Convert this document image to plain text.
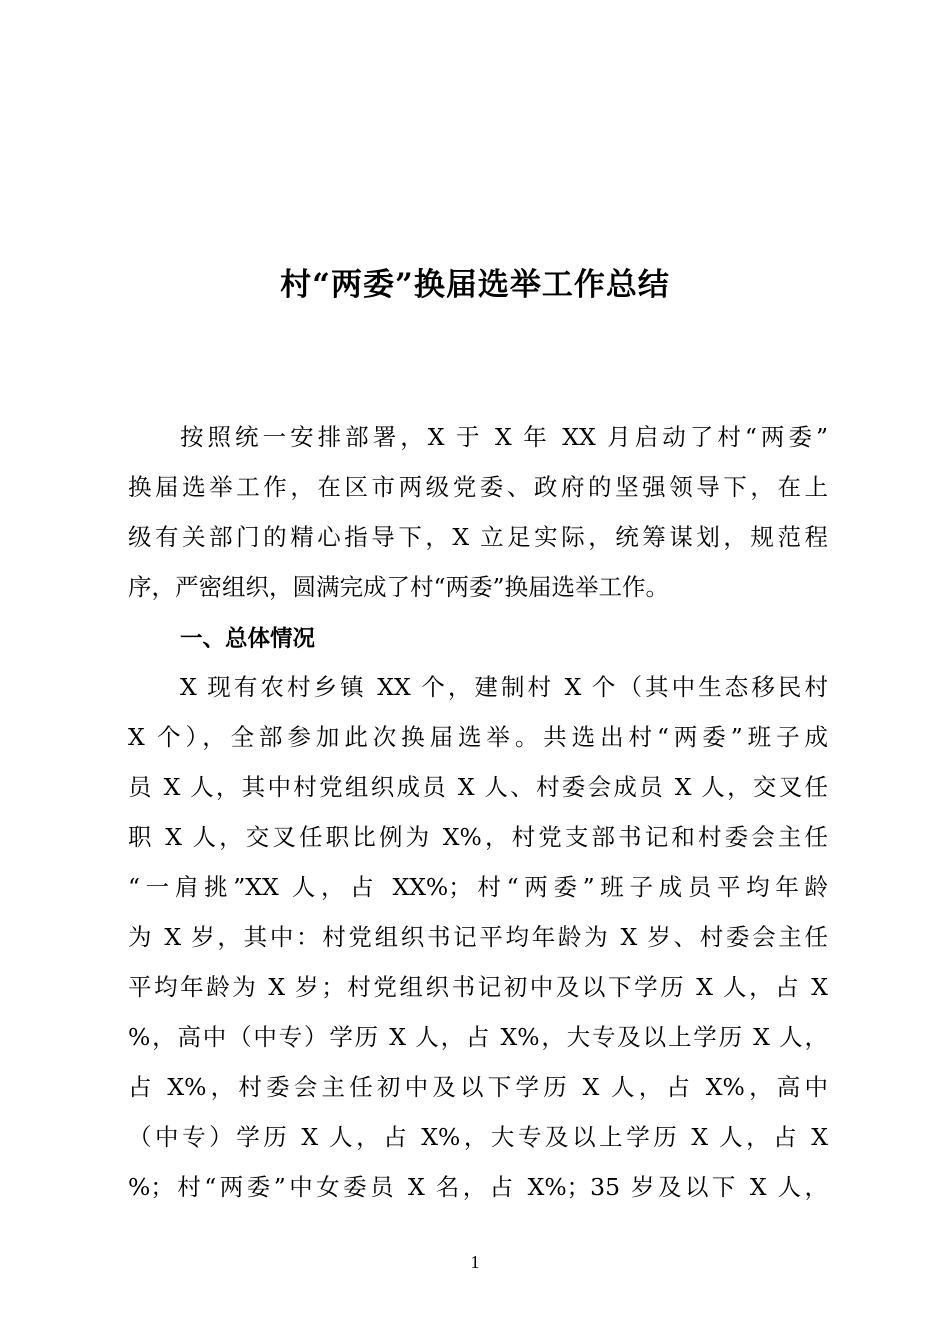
村“两委”换届选举工作总结
按照统一安排部署，X 于 X 年 XX 月启动了村“两委”
换届选举工作，在区市两级党委、政府的坚强领导下，在上
级有关部门的精心指导下，X 立足实际，统筹谋划，规范程
序，严密组织，圆满完成了村“两委”换届选举工作。
一、总体情况
X 现有农村乡镇 XX 个，建制村 X 个（其中生态移民村
X 个），全部参加此次换届选举。共选出村“两委”班子成
员 X 人，其中村党组织成员 X 人、村委会成员 X 人，交叉任
职 X 人，交叉任职比例为 X%，村党支部书记和村委会主任
“一肩挑”XX 人，占 XX%；村“两委”班子成员平均年龄
为 X 岁，其中：村党组织书记平均年龄为 X 岁、村委会主任
平均年龄为 X 岁；村党组织书记初中及以下学历 X 人，占 X
%，高中（中专）学历 X 人，占 X%，大专及以上学历 X 人，
占 X%，村委会主任初中及以下学历 X 人，占 X%，高中
（中专）学历 X 人，占 X%，大专及以上学历 X 人，占 X
%；村“两委”中女委员 X 名，占 X%；35 岁及以下 X 人，
1
